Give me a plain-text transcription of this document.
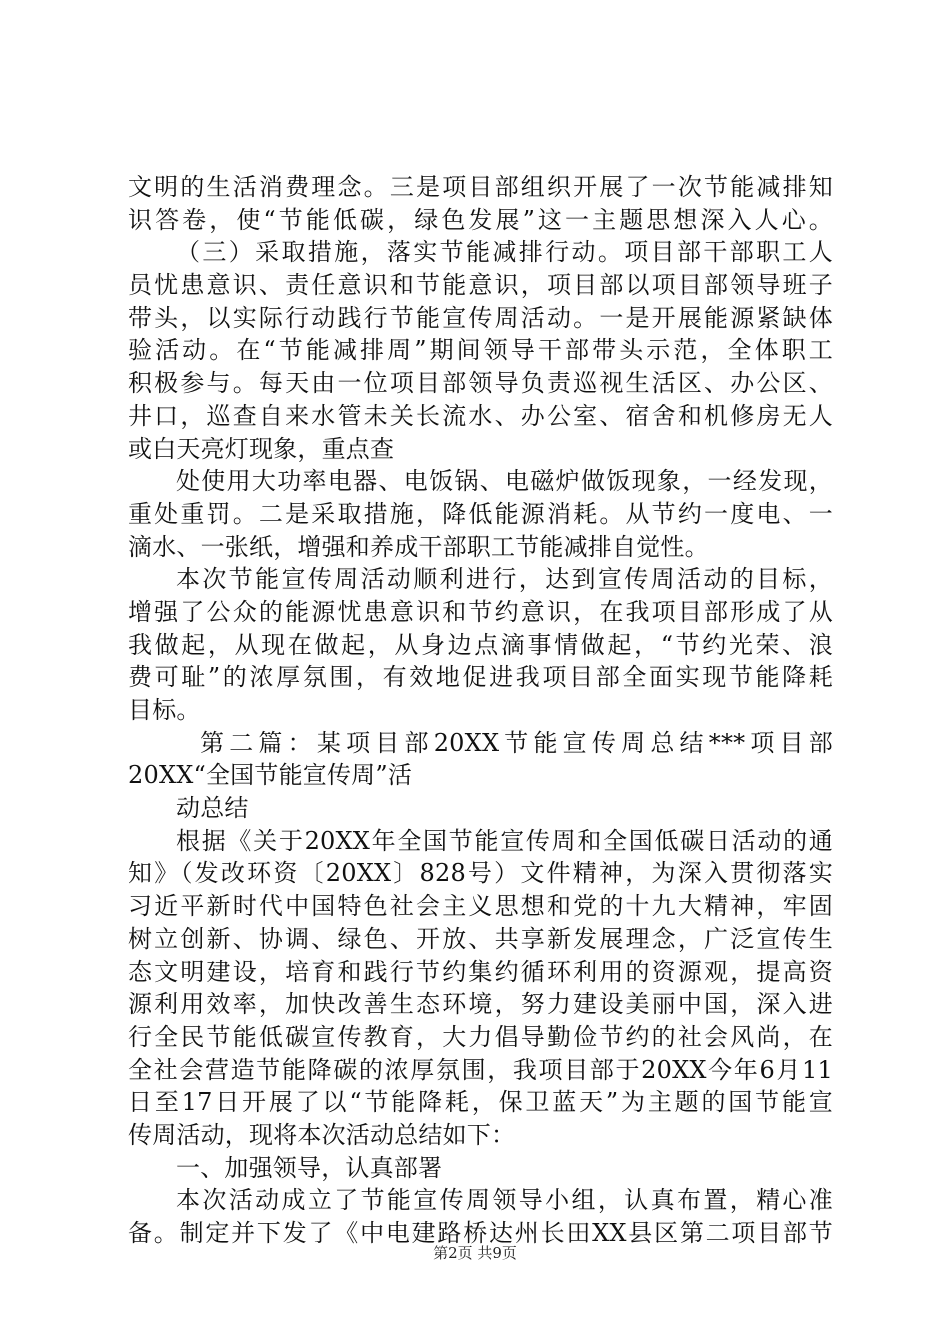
文明的生活消费理念。三是项目部组织开展了一次节能减排知
识答卷，使“节能低碳，绿色发展”这一主题思想深入人心。
（三）采取措施，落实节能减排行动。项目部干部职工人
员忧患意识、责任意识和节能意识，项目部以项目部领导班子
带头，以实际行动践行节能宣传周活动。一是开展能源紧缺体
验活动。在“节能减排周”期间领导干部带头示范，全体职工
积极参与。每天由一位项目部领导负责巡视生活区、办公区、
井口，巡查自来水管未关长流水、办公室、宿舍和机修房无人
或白天亮灯现象，重点查
处使用大功率电器、电饭锅、电磁炉做饭现象，一经发现，
重处重罚。二是采取措施，降低能源消耗。从节约一度电、一
滴水、一张纸，增强和养成干部职工节能减排自觉性。
本次节能宣传周活动顺利进行，达到宣传周活动的目标，
增强了公众的能源忧患意识和节约意识，在我项目部形成了从
我做起，从现在做起，从身边点滴事情做起，“节约光荣、浪
费可耻”的浓厚氛围，有效地促进我项目部全面实现节能降耗
目标。
第二篇：某项目部20XX节能宣传周总结***项目部
20XX“全国节能宣传周”活
动总结
根据《关于20XX年全国节能宣传周和全国低碳日活动的通
知》（发改环资〔20XX〕828号）文件精神，为深入贯彻落实
习近平新时代中国特色社会主义思想和党的十九大精神，牢固
树立创新、协调、绿色、开放、共享新发展理念，广泛宣传生
态文明建设，培育和践行节约集约循环利用的资源观，提高资
源利用效率，加快改善生态环境，努力建设美丽中国，深入进
行全民节能低碳宣传教育，大力倡导勤俭节约的社会风尚，在
全社会营造节能降碳的浓厚氛围，我项目部于20XX今年6月11
日至17日开展了以“节能降耗，保卫蓝天”为主题的国节能宣
传周活动，现将本次活动总结如下：
一、加强领导，认真部署
本次活动成立了节能宣传周领导小组，认真布置，精心准
备。制定并下发了《中电建路桥达州长田XX县区第二项目部节
第2页 共9页
